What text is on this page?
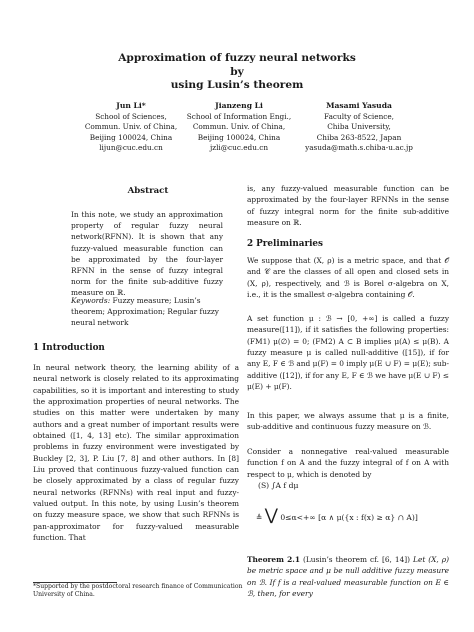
Approximation of fuzzy neural networks
by
using Lusin’s theorem
Jun Li*
School of Sciences,
Commun. Univ. of China,
Beijing 100024, China
lijun@cuc.edu.cn
Jianzeng Li
School of Information Engi.,
Commun. Univ. of China,
Beijing 100024, China
jzli@cuc.edu.cn
Masami Yasuda
Faculty of Science,
Chiba University,
Chiba 263-8522, Japan
yasuda@math.s.chiba-u.ac.jp
Abstract
In this note, we study an approximation property of regular fuzzy neural network(RFNN). It is shown that any fuzzy-valued measurable function can be approximated by the four-layer RFNN in the sense of fuzzy integral norm for the finite sub-additive fuzzy measure on ℝ.
Keywords: Fuzzy measure; Lusin’s theorem; Approximation; Regular fuzzy neural network
1 Introduction
In neural network theory, the learning ability of a neural network is closely related to its approximating capabilities, so it is important and interesting to study the approximation properties of neural networks. The studies on this matter were undertaken by many authors and a great number of important results were obtained ([1, 4, 13] etc). The similar approximation problems in fuzzy environment were investigated by Buckley [2, 3], P. Liu [7, 8] and other authors. In [8] Liu proved that continuous fuzzy-valued function can be closely approximated by a class of regular fuzzy neural networks (RFNNs) with real input and fuzzy-valued output. In this note, by using Lusin’s theorem on fuzzy measure space, we show that such RFNNs is pan-approximator for fuzzy-valued measurable function. That
*Supported by the postdoctoral research finance of Communication University of China.
is, any fuzzy-valued measurable function can be approximated by the four-layer RFNNs in the sense of fuzzy integral norm for the finite sub-additive measure on ℝ.
2 Preliminaries
We suppose that (X, ρ) is a metric space, and that 𝒪 and 𝒞 are the classes of all open and closed sets in (X, ρ), respectively, and ℬ is Borel σ-algebra on X, i.e., it is the smallest σ-algebra containing 𝒪.
A set function μ : ℬ → [0, +∞] is called a fuzzy measure([11]), if it satisfies the following properties: (FM1) μ(∅) = 0; (FM2) A ⊂ B implies μ(A) ≤ μ(B). A fuzzy measure μ is called null-additive ([15]), if for any E, F ∈ ℬ and μ(F) = 0 imply μ(E ∪ F) = μ(E); sub-additive ([12]), if for any E, F ∈ ℬ we have μ(E ∪ F) ≤ μ(E) + μ(F).
In this paper, we always assume that μ is a finite, sub-additive and continuous fuzzy measure on ℬ.
Consider a nonnegative real-valued measurable function f on A and the fuzzy integral of f on A with respect to μ, which is denoted by
(S) ∫A f dμ
≜ ⋁ 0≤α<+∞ [α ∧ μ({x : f(x) ≥ α} ∩ A)]
Theorem 2.1 (Lusin’s theorem cf. [6, 14]) Let (X, ρ) be metric space and μ be null additive fuzzy measure on ℬ. If f is a real-valued measurable function on E ∈ ℬ, then, for every
